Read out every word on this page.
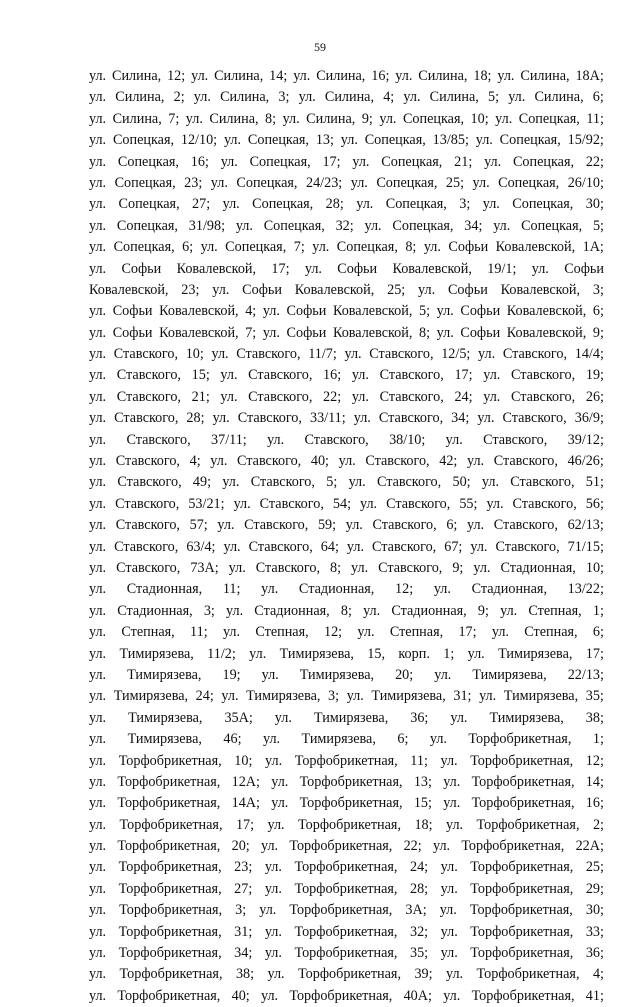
59
ул. Силина, 12; ул. Силина, 14; ул. Силина, 16; ул. Силина, 18; ул. Силина, 18А;
ул. Силина, 2; ул. Силина, 3; ул. Силина, 4; ул. Силина, 5; ул. Силина, 6;
ул. Силина, 7; ул. Силина, 8; ул. Силина, 9; ул. Сопецкая, 10; ул. Сопецкая, 11;
ул. Сопецкая, 12/10; ул. Сопецкая, 13; ул. Сопецкая, 13/85; ул. Сопецкая, 15/92;
ул. Сопецкая, 16; ул. Сопецкая, 17; ул. Сопецкая, 21; ул. Сопецкая, 22;
ул. Сопецкая, 23; ул. Сопецкая, 24/23; ул. Сопецкая, 25; ул. Сопецкая, 26/10;
ул. Сопецкая, 27; ул. Сопецкая, 28; ул. Сопецкая, 3; ул. Сопецкая, 30;
ул. Сопецкая, 31/98; ул. Сопецкая, 32; ул. Сопецкая, 34; ул. Сопецкая, 5;
ул. Сопецкая, 6; ул. Сопецкая, 7; ул. Сопецкая, 8; ул. Софьи Ковалевской, 1А;
ул. Софьи Ковалевской, 17; ул. Софьи Ковалевской, 19/1; ул. Софьи
Ковалевской, 23; ул. Софьи Ковалевской, 25; ул. Софьи Ковалевской, 3;
ул. Софьи Ковалевской, 4; ул. Софьи Ковалевской, 5; ул. Софьи Ковалевской, 6;
ул. Софьи Ковалевской, 7; ул. Софьи Ковалевской, 8; ул. Софьи Ковалевской, 9;
ул. Ставского, 10; ул. Ставского, 11/7; ул. Ставского, 12/5; ул. Ставского, 14/4;
ул. Ставского, 15; ул. Ставского, 16; ул. Ставского, 17; ул. Ставского, 19;
ул. Ставского, 21; ул. Ставского, 22; ул. Ставского, 24; ул. Ставского, 26;
ул. Ставского, 28; ул. Ставского, 33/11; ул. Ставского, 34; ул. Ставского, 36/9;
ул. Ставского, 37/11; ул. Ставского, 38/10; ул. Ставского, 39/12;
ул. Ставского, 4; ул. Ставского, 40; ул. Ставского, 42; ул. Ставского, 46/26;
ул. Ставского, 49; ул. Ставского, 5; ул. Ставского, 50; ул. Ставского, 51;
ул. Ставского, 53/21; ул. Ставского, 54; ул. Ставского, 55; ул. Ставского, 56;
ул. Ставского, 57; ул. Ставского, 59; ул. Ставского, 6; ул. Ставского, 62/13;
ул. Ставского, 63/4; ул. Ставского, 64; ул. Ставского, 67; ул. Ставского, 71/15;
ул. Ставского, 73А; ул. Ставского, 8; ул. Ставского, 9; ул. Стадионная, 10;
ул. Стадионная, 11; ул. Стадионная, 12; ул. Стадионная, 13/22;
ул. Стадионная, 3; ул. Стадионная, 8; ул. Стадионная, 9; ул. Степная, 1;
ул. Степная, 11; ул. Степная, 12; ул. Степная, 17; ул. Степная, 6;
ул. Тимирязева, 11/2; ул. Тимирязева, 15, корп. 1; ул. Тимирязева, 17;
ул. Тимирязева, 19; ул. Тимирязева, 20; ул. Тимирязева, 22/13;
ул. Тимирязева, 24; ул. Тимирязева, 3; ул. Тимирязева, 31; ул. Тимирязева, 35;
ул. Тимирязева, 35А; ул. Тимирязева, 36; ул. Тимирязева, 38;
ул. Тимирязева, 46; ул. Тимирязева, 6; ул. Торфобрикетная, 1;
ул. Торфобрикетная, 10; ул. Торфобрикетная, 11; ул. Торфобрикетная, 12;
ул. Торфобрикетная, 12А; ул. Торфобрикетная, 13; ул. Торфобрикетная, 14;
ул. Торфобрикетная, 14А; ул. Торфобрикетная, 15; ул. Торфобрикетная, 16;
ул. Торфобрикетная, 17; ул. Торфобрикетная, 18; ул. Торфобрикетная, 2;
ул. Торфобрикетная, 20; ул. Торфобрикетная, 22; ул. Торфобрикетная, 22А;
ул. Торфобрикетная, 23; ул. Торфобрикетная, 24; ул. Торфобрикетная, 25;
ул. Торфобрикетная, 27; ул. Торфобрикетная, 28; ул. Торфобрикетная, 29;
ул. Торфобрикетная, 3; ул. Торфобрикетная, 3А; ул. Торфобрикетная, 30;
ул. Торфобрикетная, 31; ул. Торфобрикетная, 32; ул. Торфобрикетная, 33;
ул. Торфобрикетная, 34; ул. Торфобрикетная, 35; ул. Торфобрикетная, 36;
ул. Торфобрикетная, 38; ул. Торфобрикетная, 39; ул. Торфобрикетная, 4;
ул. Торфобрикетная, 40; ул. Торфобрикетная, 40А; ул. Торфобрикетная, 41;
